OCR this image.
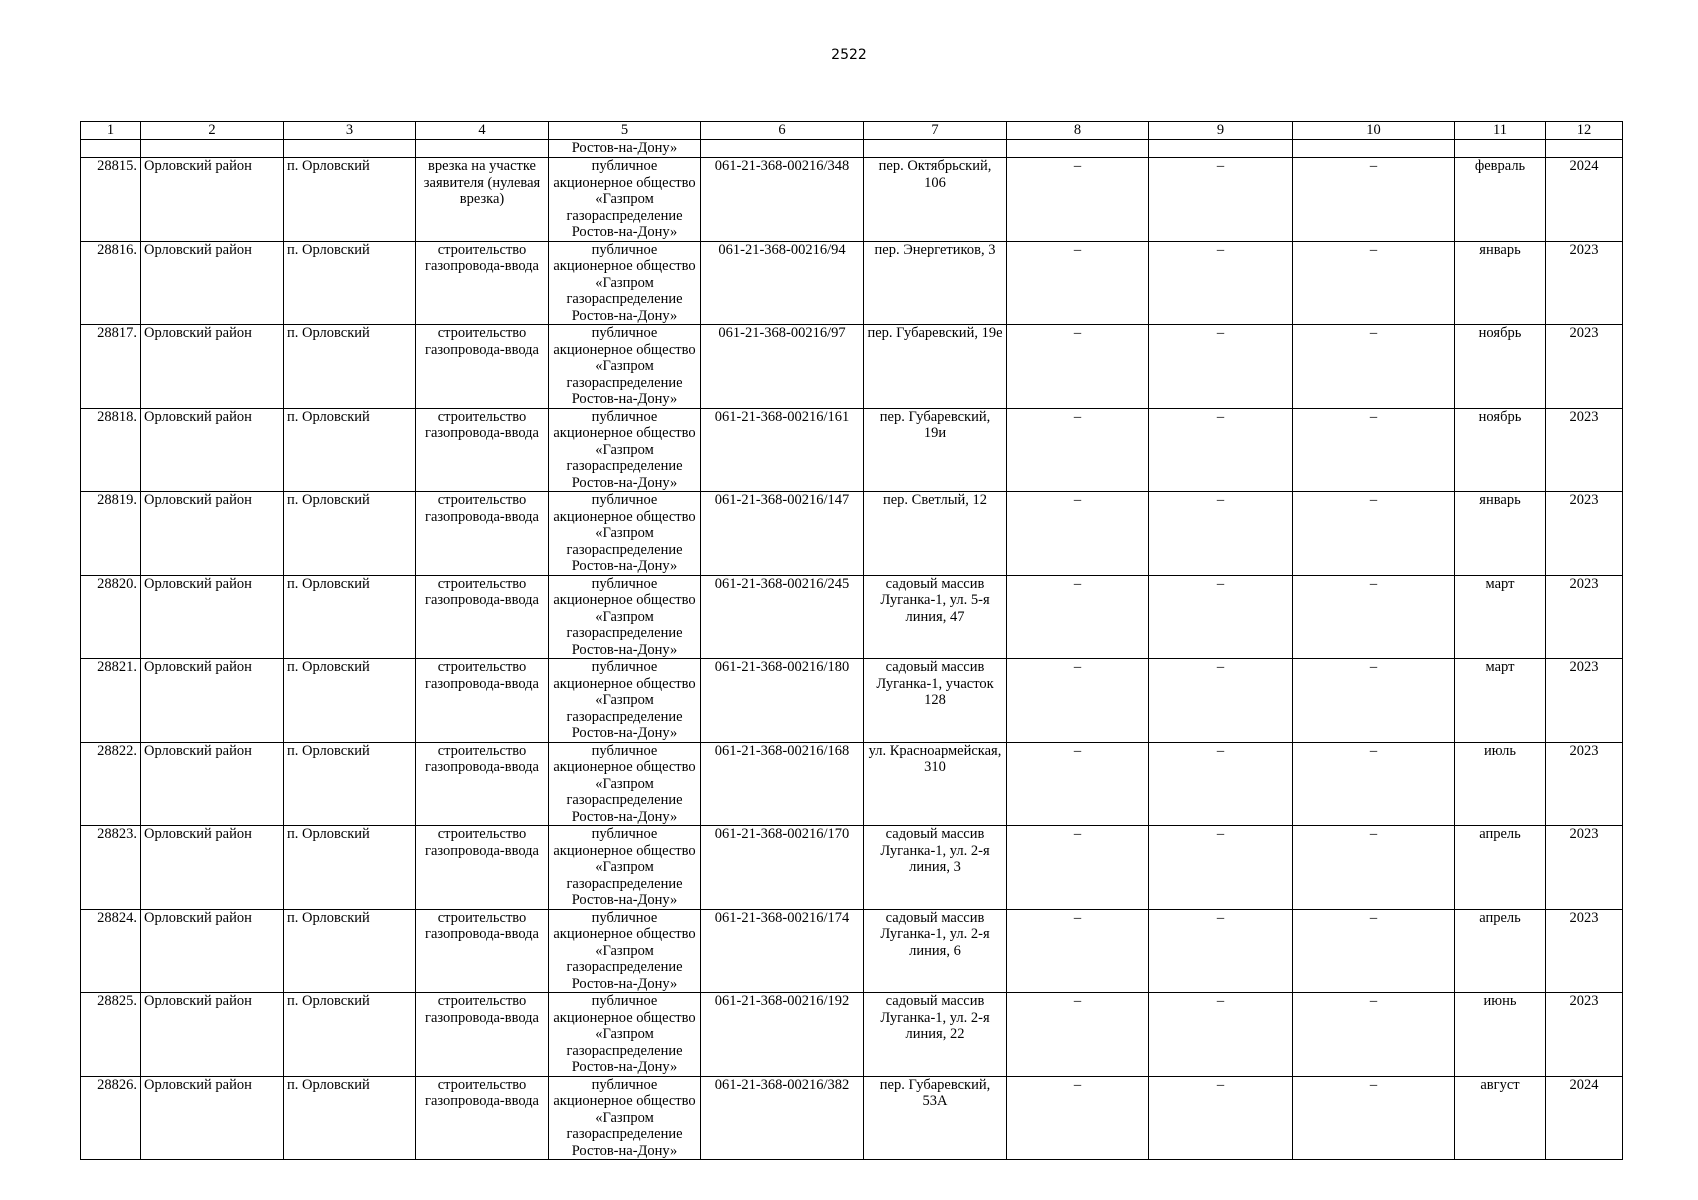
2522
1	2	3	4	5	6	7	8	9	10	11	12
				Ростов-на-Дону»							
28815.	Орловский район	п. Орловский	врезка на участке заявителя (нулевая врезка)	публичное акционерное общество «Газпром газораспределение Ростов-на-Дону»	061-21-368-00216/348	пер. Октябрьский, 106	–	–	–	февраль	2024
28816.	Орловский район	п. Орловский	строительство газопровода-ввода	публичное акционерное общество «Газпром газораспределение Ростов-на-Дону»	061-21-368-00216/94	пер. Энергетиков, 3	–	–	–	январь	2023
28817.	Орловский район	п. Орловский	строительство газопровода-ввода	публичное акционерное общество «Газпром газораспределение Ростов-на-Дону»	061-21-368-00216/97	пер. Губаревский, 19е	–	–	–	ноябрь	2023
28818.	Орловский район	п. Орловский	строительство газопровода-ввода	публичное акционерное общество «Газпром газораспределение Ростов-на-Дону»	061-21-368-00216/161	пер. Губаревский, 19и	–	–	–	ноябрь	2023
28819.	Орловский район	п. Орловский	строительство газопровода-ввода	публичное акционерное общество «Газпром газораспределение Ростов-на-Дону»	061-21-368-00216/147	пер. Светлый, 12	–	–	–	январь	2023
28820.	Орловский район	п. Орловский	строительство газопровода-ввода	публичное акционерное общество «Газпром газораспределение Ростов-на-Дону»	061-21-368-00216/245	садовый массив Луганка-1, ул. 5-я линия, 47	–	–	–	март	2023
28821.	Орловский район	п. Орловский	строительство газопровода-ввода	публичное акционерное общество «Газпром газораспределение Ростов-на-Дону»	061-21-368-00216/180	садовый массив Луганка-1, участок 128	–	–	–	март	2023
28822.	Орловский район	п. Орловский	строительство газопровода-ввода	публичное акционерное общество «Газпром газораспределение Ростов-на-Дону»	061-21-368-00216/168	ул. Красноармейская, 310	–	–	–	июль	2023
28823.	Орловский район	п. Орловский	строительство газопровода-ввода	публичное акционерное общество «Газпром газораспределение Ростов-на-Дону»	061-21-368-00216/170	садовый массив Луганка-1, ул. 2-я линия, 3	–	–	–	апрель	2023
28824.	Орловский район	п. Орловский	строительство газопровода-ввода	публичное акционерное общество «Газпром газораспределение Ростов-на-Дону»	061-21-368-00216/174	садовый массив Луганка-1, ул. 2-я линия, 6	–	–	–	апрель	2023
28825.	Орловский район	п. Орловский	строительство газопровода-ввода	публичное акционерное общество «Газпром газораспределение Ростов-на-Дону»	061-21-368-00216/192	садовый массив Луганка-1, ул. 2-я линия, 22	–	–	–	июнь	2023
28826.	Орловский район	п. Орловский	строительство газопровода-ввода	публичное акционерное общество «Газпром газораспределение Ростов-на-Дону»	061-21-368-00216/382	пер. Губаревский, 53А	–	–	–	август	2024
